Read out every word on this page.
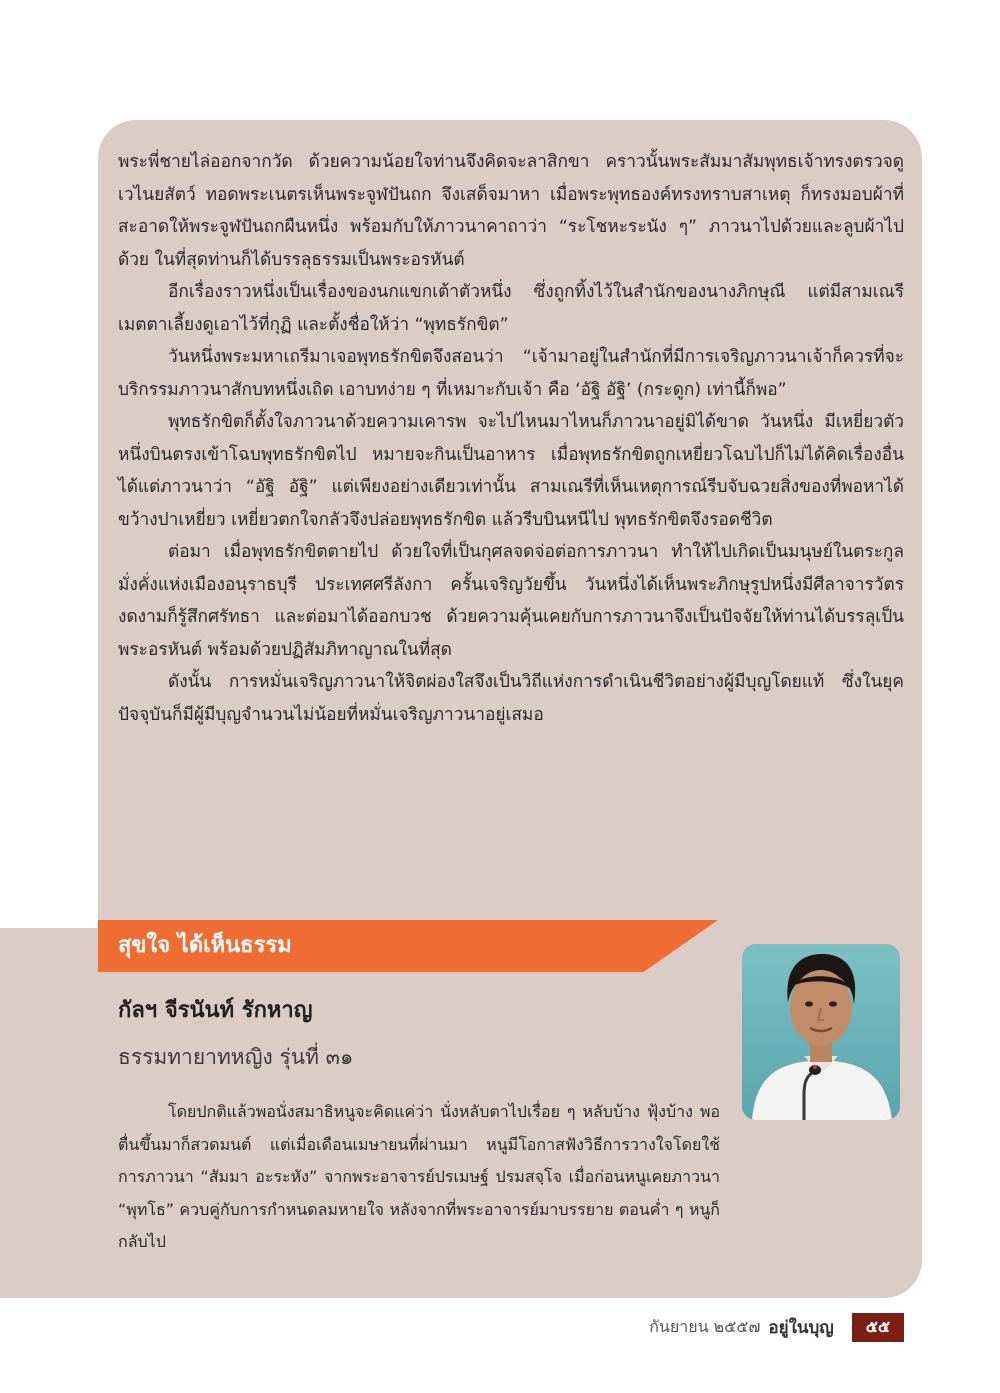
พระพี่ชายไล่ออกจากวัด ด้วยความน้อยใจท่านจึงคิดจะลาสิกขา คราวนั้นพระสัมมาสัมพุทธเจ้าทรงตรวจดูเวไนยสัตว์ ทอดพระเนตรเห็นพระจูฬปันถก จึงเสด็จมาหา เมื่อพระพุทธองค์ทรงทราบสาเหตุ ก็ทรงมอบผ้าที่สะอาดให้พระจูฬปันถกผืนหนึ่ง พร้อมกับให้ภาวนาคาถาว่า “ระโชหะระนัง ๆ” ภาวนาไปด้วยและลูบผ้าไปด้วย ในที่สุดท่านก็ได้บรรลุธรรมเป็นพระอรหันต์

อีกเรื่องราวหนึ่งเป็นเรื่องของนกแขกเต้าตัวหนึ่ง ซึ่งถูกทิ้งไว้ในสำนักของนางภิกษุณี แต่มีสามเณรีเมตตาเลี้ยงดูเอาไว้ที่กุฏิ และตั้งชื่อให้ว่า “พุทธรักขิต”

วันหนึ่งพระมหาเถรีมาเจอพุทธรักขิตจึงสอนว่า “เจ้ามาอยู่ในสำนักที่มีการเจริญภาวนาเจ้าก็ควรที่จะบริกรรมภาวนาสักบทหนึ่งเถิด เอาบทง่าย ๆ ที่เหมาะกับเจ้า คือ ‘อัฐิ อัฐิ’ (กระดูก) เท่านี้ก็พอ”

พุทธรักขิตก็ตั้งใจภาวนาด้วยความเคารพ จะไปไหนมาไหนก็ภาวนาอยู่มิได้ขาด วันหนึ่ง มีเหยี่ยวตัวหนึ่งบินตรงเข้าโฉบพุทธรักขิตไป หมายจะกินเป็นอาหาร เมื่อพุทธรักขิตถูกเหยี่ยวโฉบไปก็ไม่ได้คิดเรื่องอื่น ได้แต่ภาวนาว่า “อัฐิ อัฐิ” แต่เพียงอย่างเดียวเท่านั้น สามเณรีที่เห็นเหตุการณ์รีบจับฉวยสิ่งของที่พอหาได้ขว้างปาเหยี่ยว เหยี่ยวตกใจกลัวจึงปล่อยพุทธรักขิต แล้วรีบบินหนีไป พุทธรักขิตจึงรอดชีวิต

ต่อมา เมื่อพุทธรักขิตตายไป ด้วยใจที่เป็นกุศลจดจ่อต่อการภาวนา ทำให้ไปเกิดเป็นมนุษย์ในตระกูลมั่งคั่งแห่งเมืองอนุราธบุรี ประเทศศรีลังกา ครั้นเจริญวัยขึ้น วันหนึ่งได้เห็นพระภิกษุรูปหนึ่งมีศีลาจารวัตรงดงามก็รู้สึกศรัทธา และต่อมาได้ออกบวช ด้วยความคุ้นเคยกับการภาวนาจึงเป็นปัจจัยให้ท่านได้บรรลุเป็นพระอรหันต์ พร้อมด้วยปฏิสัมภิทาญาณในที่สุด

ดังนั้น การหมั่นเจริญภาวนาให้จิตผ่องใสจึงเป็นวิถีแห่งการดำเนินชีวิตอย่างผู้มีบุญโดยแท้ ซึ่งในยุคปัจจุบันก็มีผู้มีบุญจำนวนไม่น้อยที่หมั่นเจริญภาวนาอยู่เสมอ

สุขใจ ได้เห็นธรรม
กัลฯ จีรนันท์ รักหาญ
ธรรมทายาทหญิง รุ่นที่ ๓๑

โดยปกติแล้วพอนั่งสมาธิหนูจะคิดแค่ว่า นั่งหลับตาไปเรื่อย ๆ หลับบ้าง ฟุ้งบ้าง พอตื่นขึ้นมาก็สวดมนต์ แต่เมื่อเดือนเมษายนที่ผ่านมา หนูมีโอกาสฟังวิธีการวางใจโดยใช้การภาวนา “สัมมา อะระหัง” จากพระอาจารย์ปรเมษฐ์ ปรมสจฺโจ เมื่อก่อนหนูเคยภาวนา “พุทโธ” ควบคู่กับการกำหนดลมหายใจ หลังจากที่พระอาจารย์มาบรรยาย ตอนค่ำ ๆ หนูก็กลับไป

กันยายน ๒๕๕๗ อยู่ในบุญ	๕๕
